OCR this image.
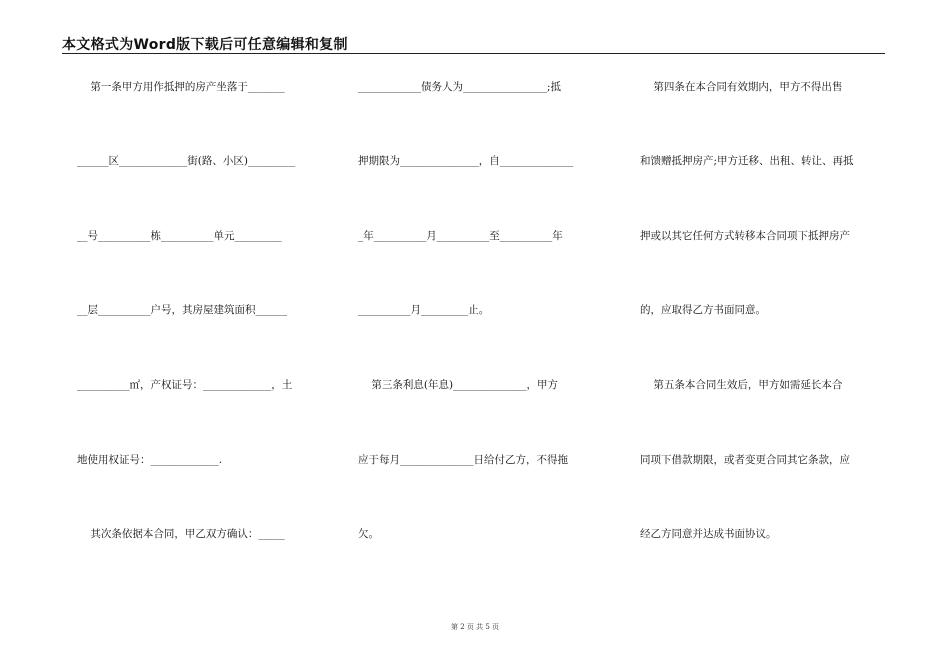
本文格式为Word版下载后可任意编辑和复制
第一条甲方用作抵押的房产坐落于_______
______区_____________街(路、小区)_________
__号__________栋__________单元_________
__层__________户号，其房屋建筑面积______
__________㎡，产权证号：_____________，土
地使用权证号：_____________.
其次条依据本合同，甲乙双方确认：_____
____________债务人为________________;抵
押期限为_______________，自______________
_年__________月__________至__________年
__________月_________止。
第三条利息(年息)______________，甲方
应于每月______________日给付乙方，不得拖
欠。
第四条在本合同有效期内，甲方不得出售
和馈赠抵押房产;甲方迁移、出租、转让、再抵
押或以其它任何方式转移本合同项下抵押房产
的，应取得乙方书面同意。
第五条本合同生效后，甲方如需延长本合
同项下借款期限，或者变更合同其它条款，应
经乙方同意并达成书面协议。
第 2 页 共 5 页
